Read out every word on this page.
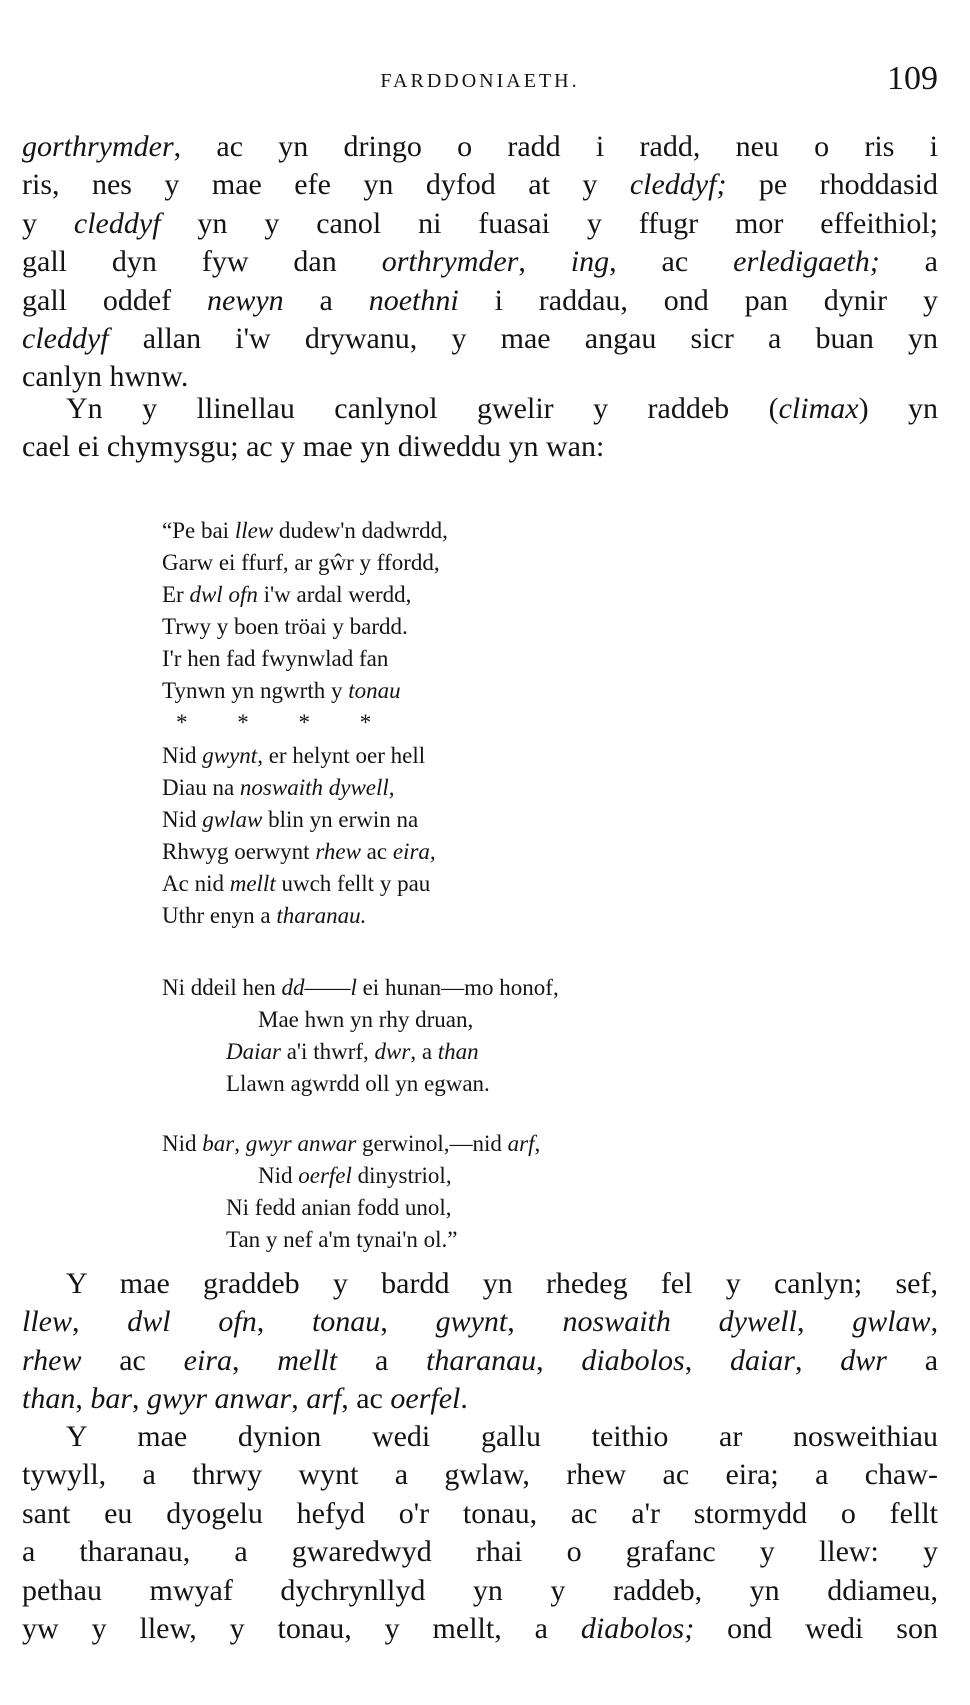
FARDDONIAETH.	109
gorthrymder, ac yn dringo o radd i radd, neu o ris i
ris, nes y mae efe yn dyfod at y cleddyf; pe rhoddasid
y cleddyf yn y canol ni fuasai y ffugr mor effeithiol;
gall dyn fyw dan orthrymder, ing, ac erledigaeth; a
gall oddef newyn a noethni i raddau, ond pan dynir y
cleddyf allan i'w drywanu, y mae angau sicr a buan yn
canlyn hwnw.
Yn y llinellau canlynol gwelir y raddeb (climax) yn
cael ei chymysgu; ac y mae yn diweddu yn wan:
“Pe bai llew dudew'n dadwrdd,
Garw ei ffurf, ar gŵr y ffordd,
Er dwl ofn i'w ardal werdd,
Trwy y boen tröai y bardd.
I'r hen fad fwynwlad fan
Tynwn yn ngwrth y tonau
* * * *
Nid gwynt, er helynt oer hell
Diau na noswaith dywell,
Nid gwlaw blin yn erwin na
Rhwyg oerwynt rhew ac eira,
Ac nid mellt uwch fellt y pau
Uthr enyn a tharanau.
Ni ddeil hen dd——l ei hunan—mo honof,
Mae hwn yn rhy druan,
Daiar a'i thwrf, dwr, a than
Llawn agwrdd oll yn egwan.
Nid bar, gwyr anwar gerwinol,—nid arf,
Nid oerfel dinystriol,
Ni fedd anian fodd unol,
Tan y nef a'm tynai'n ol.”
Y mae graddeb y bardd yn rhedeg fel y canlyn; sef,
llew, dwl ofn, tonau, gwynt, noswaith dywell, gwlaw,
rhew ac eira, mellt a tharanau, diabolos, daiar, dwr a
than, bar, gwyr anwar, arf, ac oerfel.
Y mae dynion wedi gallu teithio ar nosweithiau
tywyll, a thrwy wynt a gwlaw, rhew ac eira; a chaw-
sant eu dyogelu hefyd o'r tonau, ac a'r stormydd o fellt
a tharanau, a gwaredwyd rhai o grafanc y llew: y
pethau mwyaf dychrynllyd yn y raddeb, yn ddiameu,
yw y llew, y tonau, y mellt, a diabolos; ond wedi son
